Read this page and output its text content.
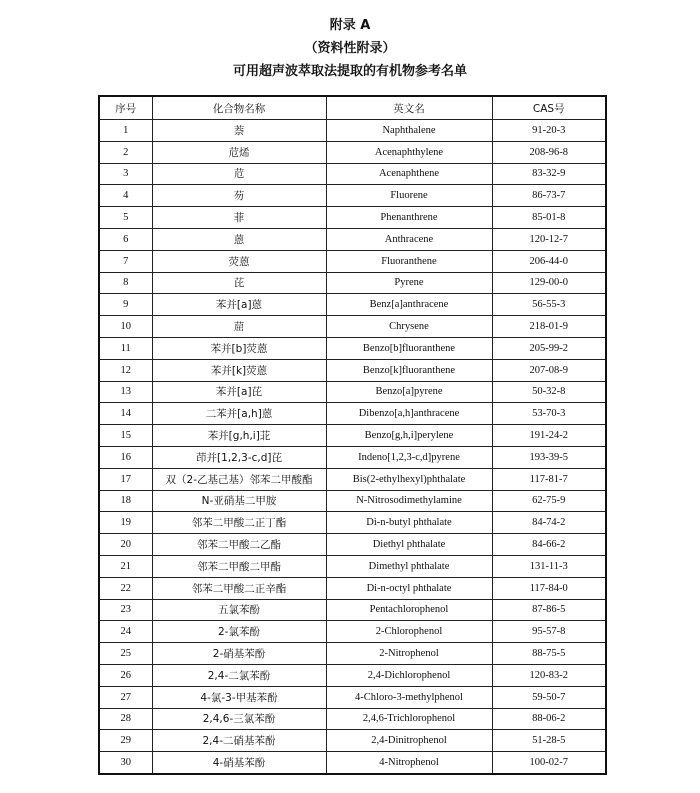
附录 A
（资料性附录）
可用超声波萃取法提取的有机物参考名单
序号	化合物名称	英文名	CAS号
1	萘	Naphthalene	91-20-3
2	苊烯	Acenaphthylene	208-96-8
3	苊	Acenaphthene	83-32-9
4	芴	Fluorene	86-73-7
5	菲	Phenanthrene	85-01-8
6	蒽	Anthracene	120-12-7
7	荧蒽	Fluoranthene	206-44-0
8	芘	Pyrene	129-00-0
9	苯并[a]蒽	Benz[a]anthracene	56-55-3
10	䓛	Chrysene	218-01-9
11	苯并[b]荧蒽	Benzo[b]fluoranthene	205-99-2
12	苯并[k]荧蒽	Benzo[k]fluoranthene	207-08-9
13	苯并[a]芘	Benzo[a]pyrene	50-32-8
14	二苯并[a,h]蒽	Dibenzo[a,h]anthracene	53-70-3
15	苯并[g,h,i]苝	Benzo[g,h,i]perylene	191-24-2
16	茚并[1,2,3-c,d]芘	Indeno[1,2,3-c,d]pyrene	193-39-5
17	双（2-乙基己基）邻苯二甲酸酯	Bis(2-ethylhexyl)phthalate	117-81-7
18	N-亚硝基二甲胺	N-Nitrosodimethylamine	62-75-9
19	邻苯二甲酸二正丁酯	Di-n-butyl phthalate	84-74-2
20	邻苯二甲酸二乙酯	Diethyl phthalate	84-66-2
21	邻苯二甲酸二甲酯	Dimethyl phthalate	131-11-3
22	邻苯二甲酸二正辛酯	Di-n-octyl phthalate	117-84-0
23	五氯苯酚	Pentachlorophenol	87-86-5
24	2-氯苯酚	2-Chlorophenol	95-57-8
25	2-硝基苯酚	2-Nitrophenol	88-75-5
26	2,4-二氯苯酚	2,4-Dichlorophenol	120-83-2
27	4-氯-3-甲基苯酚	4-Chloro-3-methylphenol	59-50-7
28	2,4,6-三氯苯酚	2,4,6-Trichlorophenol	88-06-2
29	2,4-二硝基苯酚	2,4-Dinitrophenol	51-28-5
30	4-硝基苯酚	4-Nitrophenol	100-02-7
